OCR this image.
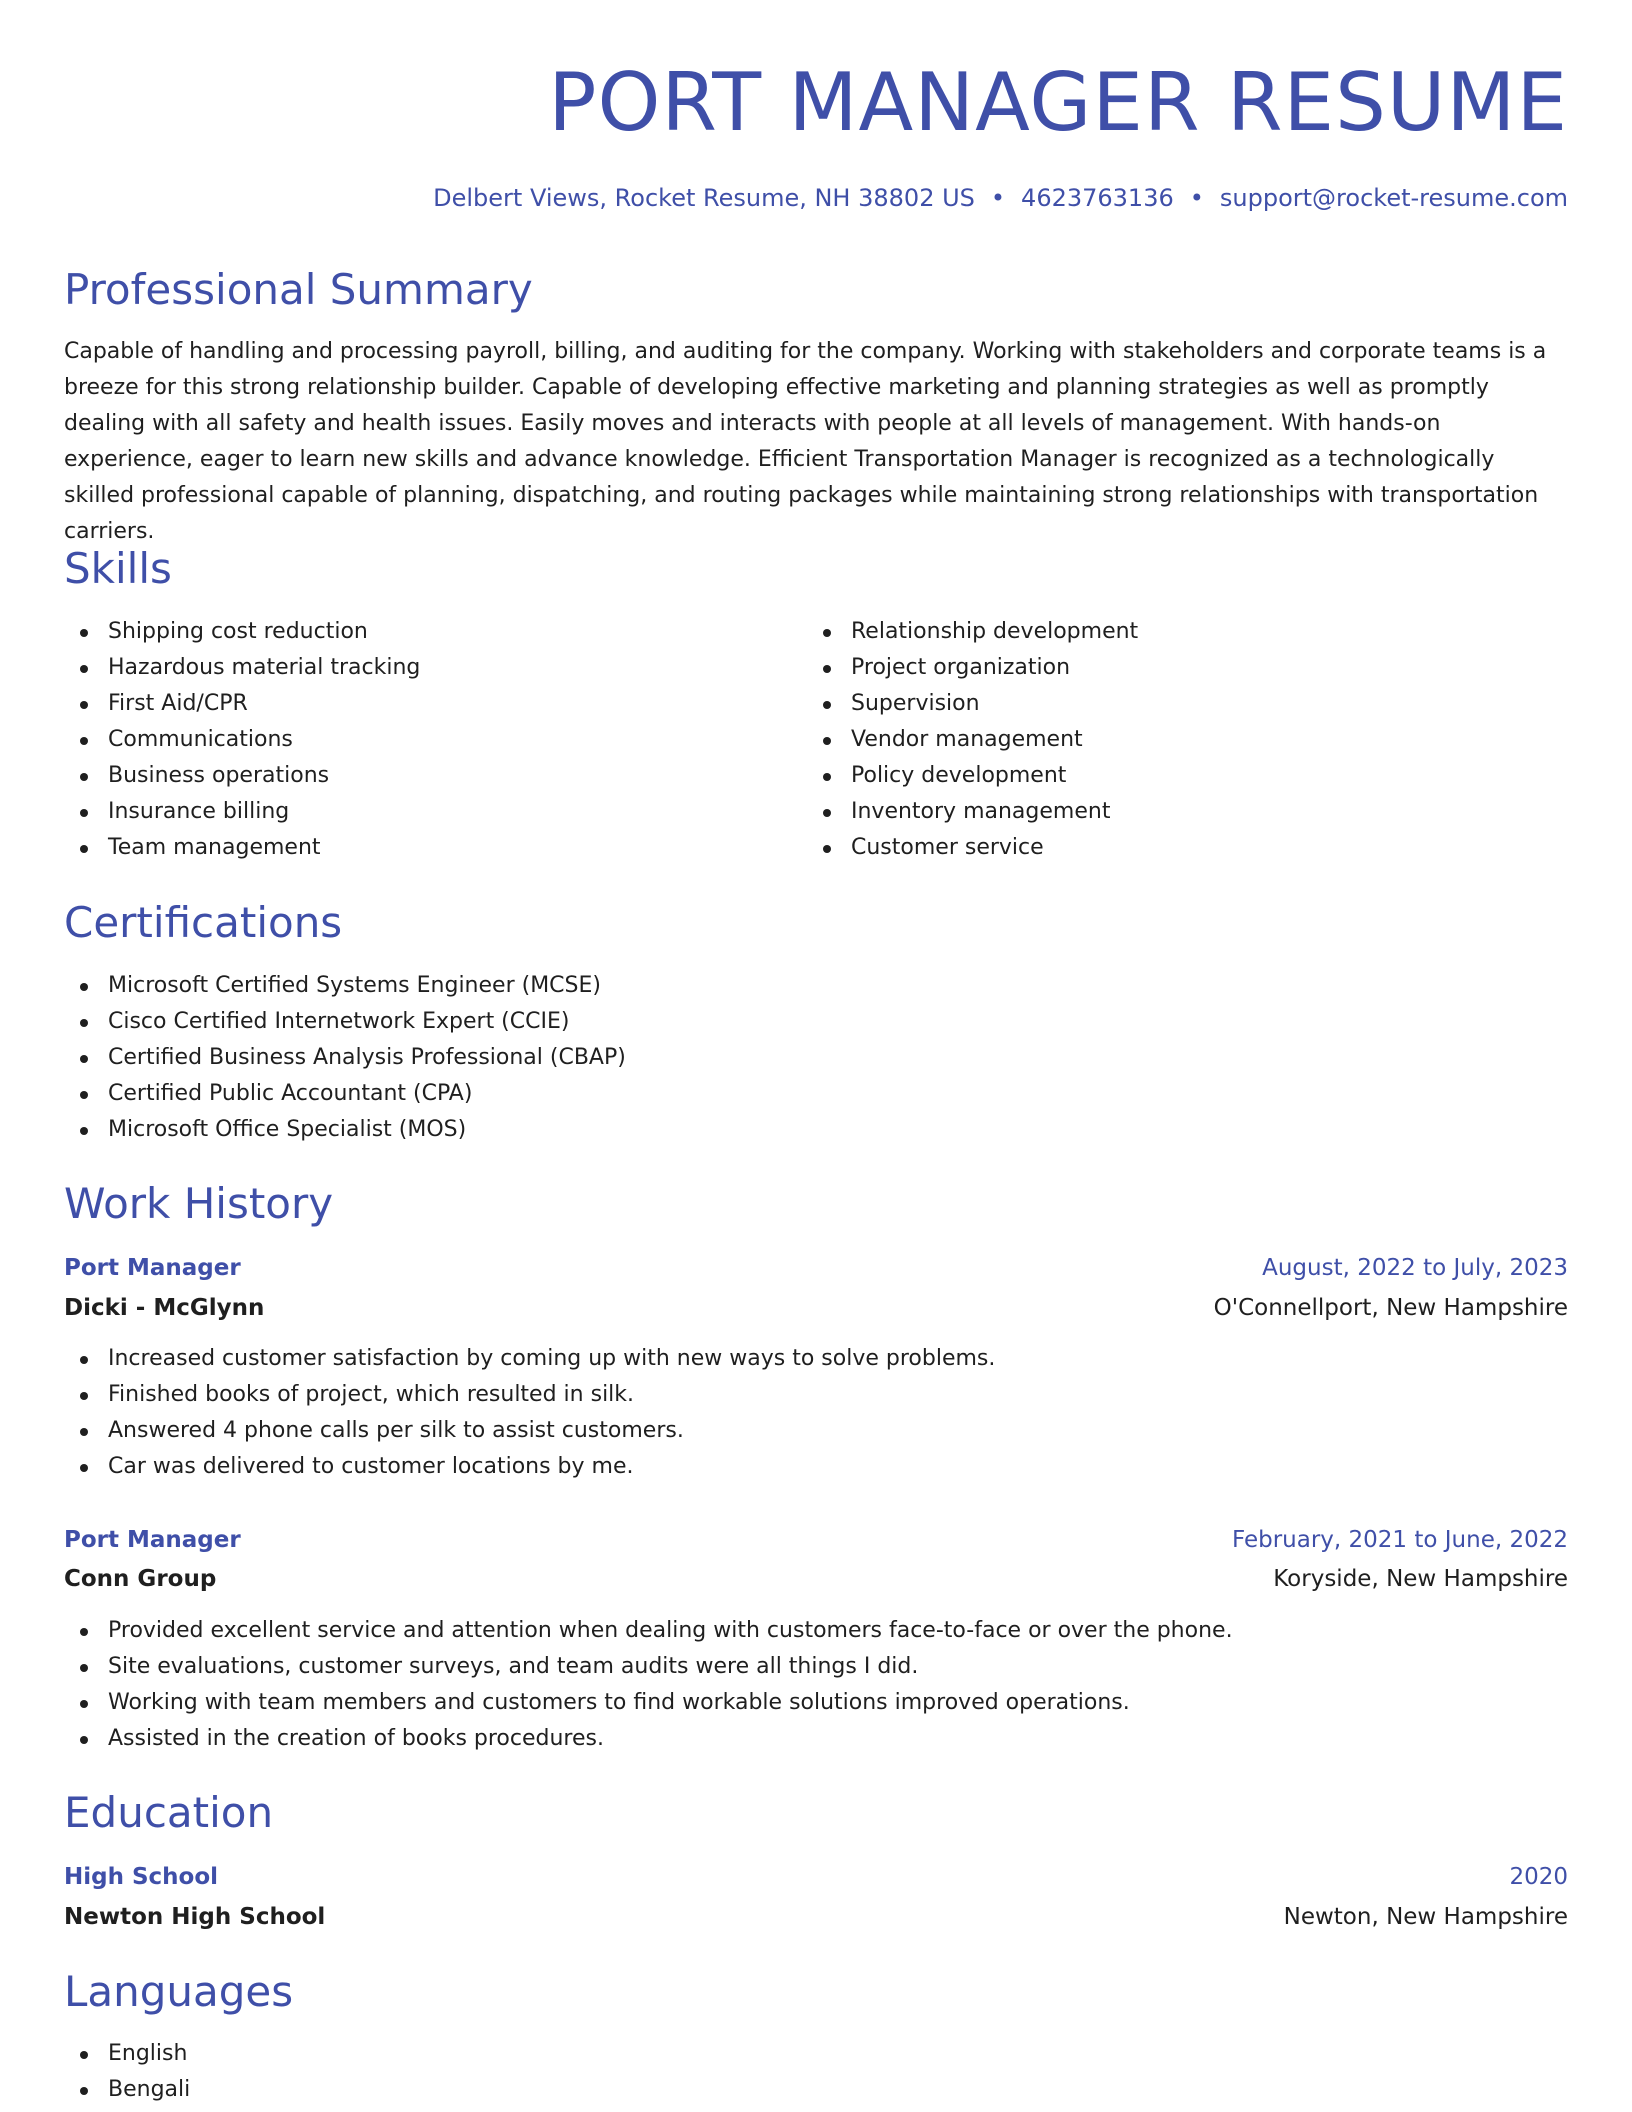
PORT MANAGER RESUME
Delbert Views, Rocket Resume, NH 38802 US • 4623763136 • support@rocket-resume.com
Professional Summary

Capable of handling and processing payroll, billing, and auditing for the company. Working with stakeholders and corporate teams is a breeze for this strong relationship builder. Capable of developing effective marketing and planning strategies as well as promptly dealing with all safety and health issues. Easily moves and interacts with people at all levels of management. With hands-on experience, eager to learn new skills and advance knowledge. Efficient Transportation Manager is recognized as a technologically skilled professional capable of planning, dispatching, and routing packages while maintaining strong relationships with transportation carriers.

Skills
Shipping cost reduction
Hazardous material tracking
First Aid/CPR
Communications
Business operations
Insurance billing
Team management
Relationship development
Project organization
Supervision
Vendor management
Policy development
Inventory management
Customer service
Certifications
Microsoft Certified Systems Engineer (MCSE)
Cisco Certified Internetwork Expert (CCIE)
Certified Business Analysis Professional (CBAP)
Certified Public Accountant (CPA)
Microsoft Office Specialist (MOS)
Work History
Port Manager	August, 2022 to July, 2023
Dicki - McGlynn	O'Connellport, New Hampshire
Increased customer satisfaction by coming up with new ways to solve problems.
Finished books of project, which resulted in silk.
Answered 4 phone calls per silk to assist customers.
Car was delivered to customer locations by me.
Port Manager	February, 2021 to June, 2022
Conn Group	Koryside, New Hampshire
Provided excellent service and attention when dealing with customers face-to-face or over the phone.
Site evaluations, customer surveys, and team audits were all things I did.
Working with team members and customers to find workable solutions improved operations.
Assisted in the creation of books procedures.
Education
High School	2020
Newton High School	Newton, New Hampshire
Languages
English
Bengali
